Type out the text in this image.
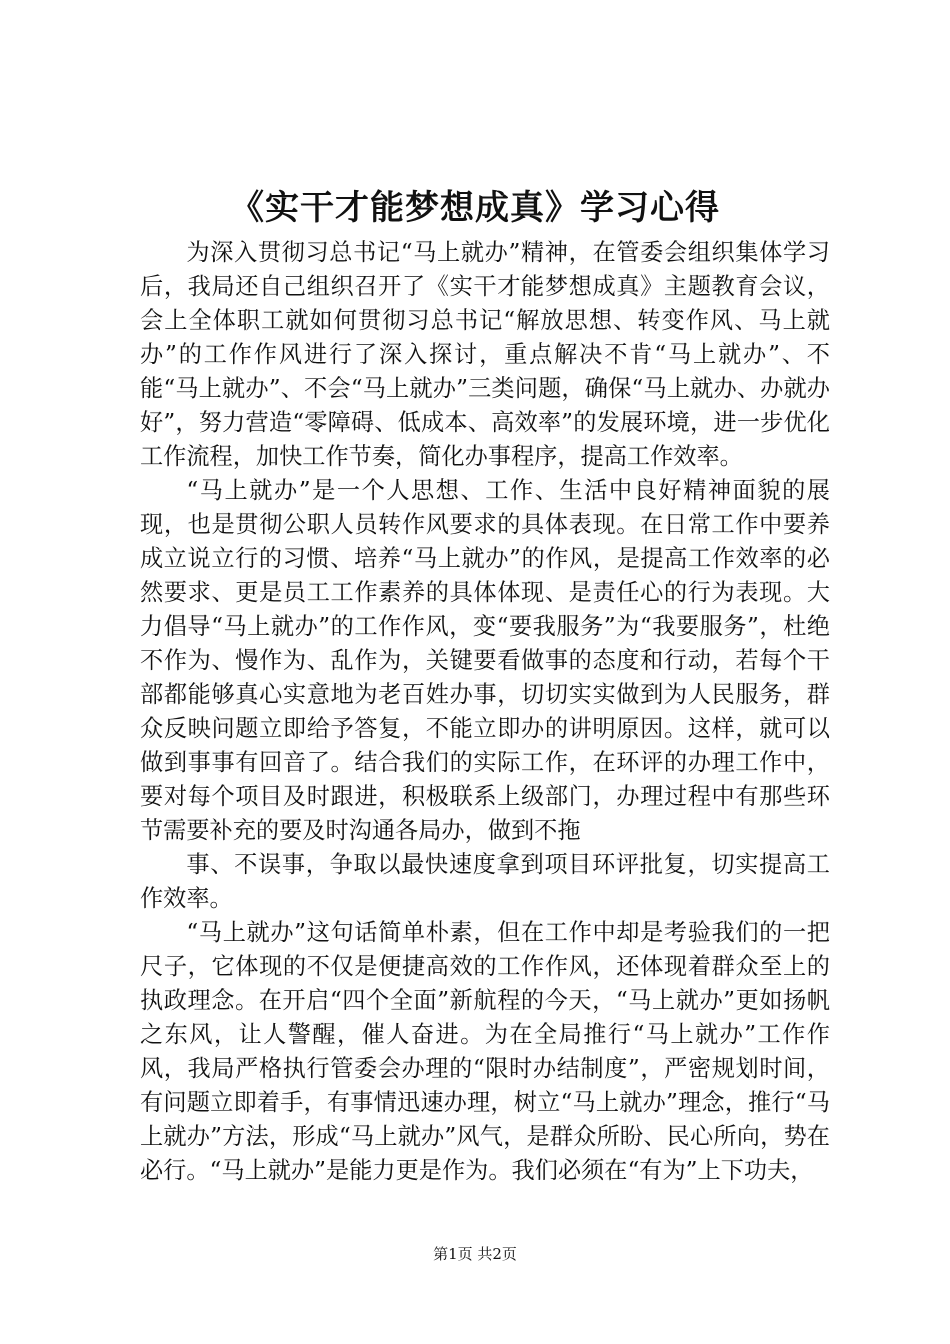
《实干才能梦想成真》学习心得

为深入贯彻习总书记“马上就办”精神，在管委会组织集体学习后，我局还自己组织召开了《实干才能梦想成真》主题教育会议，会上全体职工就如何贯彻习总书记“解放思想、转变作风、马上就办”的工作作风进行了深入探讨，重点解决不肯“马上就办”、不能“马上就办”、不会“马上就办”三类问题，确保“马上就办、办就办好”，努力营造“零障碍、低成本、高效率”的发展环境，进一步优化工作流程，加快工作节奏，简化办事程序，提高工作效率。

“马上就办”是一个人思想、工作、生活中良好精神面貌的展现，也是贯彻公职人员转作风要求的具体表现。在日常工作中要养成立说立行的习惯、培养“马上就办”的作风，是提高工作效率的必然要求、更是员工工作素养的具体体现、是责任心的行为表现。大力倡导“马上就办”的工作作风，变“要我服务”为“我要服务”，杜绝不作为、慢作为、乱作为，关键要看做事的态度和行动，若每个干部都能够真心实意地为老百姓办事，切切实实做到为人民服务，群众反映问题立即给予答复，不能立即办的讲明原因。这样，就可以做到事事有回音了。结合我们的实际工作，在环评的办理工作中，要对每个项目及时跟进，积极联系上级部门，办理过程中有那些环节需要补充的要及时沟通各局办，做到不拖

事、不误事，争取以最快速度拿到项目环评批复，切实提高工作效率。

“马上就办”这句话简单朴素，但在工作中却是考验我们的一把尺子，它体现的不仅是便捷高效的工作作风，还体现着群众至上的执政理念。在开启“四个全面”新航程的今天，“马上就办”更如扬帆之东风，让人警醒，催人奋进。为在全局推行“马上就办”工作作风，我局严格执行管委会办理的“限时办结制度”，严密规划时间，有问题立即着手，有事情迅速办理，树立“马上就办”理念，推行“马上就办”方法，形成“马上就办”风气，是群众所盼、民心所向，势在必行。“马上就办”是能力更是作为。我们必须在“有为”上下功夫，

第1页 共2页
